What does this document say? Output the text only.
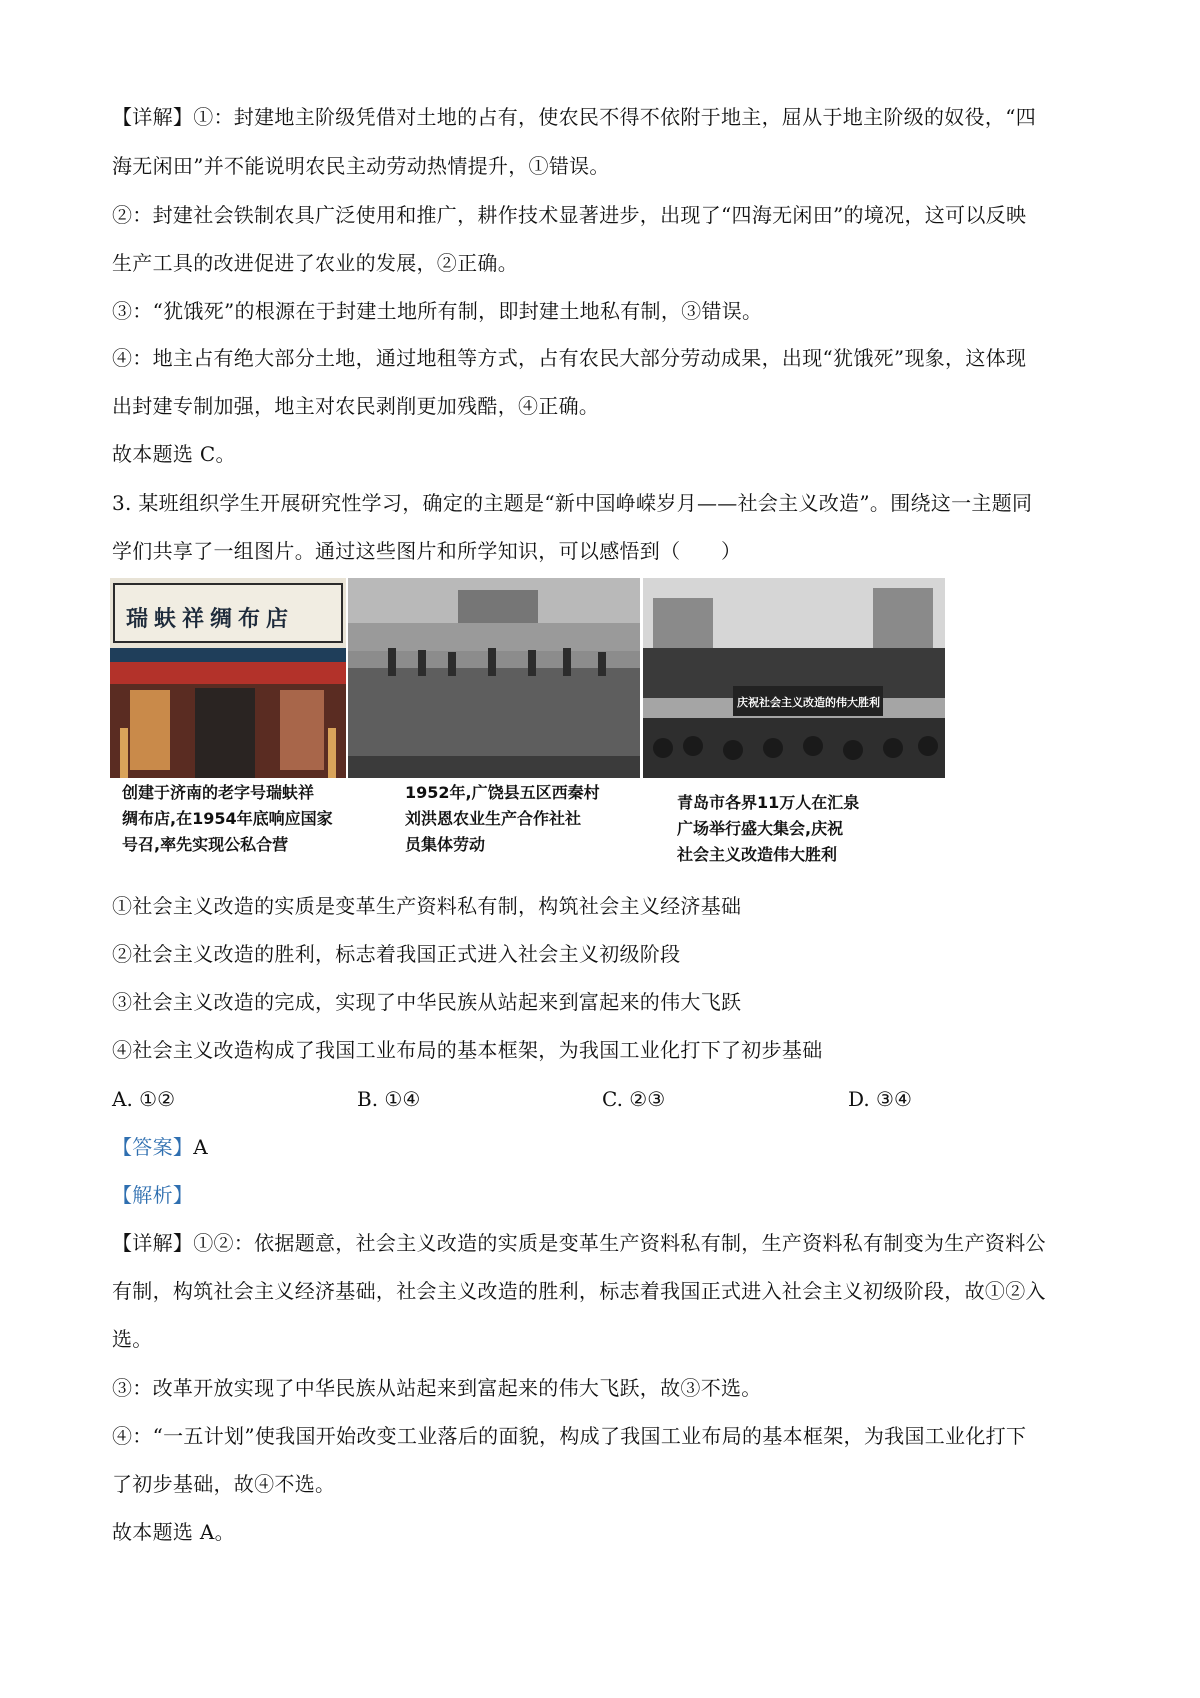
【详解】①：封建地主阶级凭借对土地的占有，使农民不得不依附于地主，屈从于地主阶级的奴役，“四
海无闲田”并不能说明农民主动劳动热情提升，①错误。
②：封建社会铁制农具广泛使用和推广，耕作技术显著进步，出现了“四海无闲田”的境况，这可以反映
生产工具的改进促进了农业的发展，②正确。
③：“犹饿死”的根源在于封建土地所有制，即封建土地私有制，③错误。
④：地主占有绝大部分土地，通过地租等方式，占有农民大部分劳动成果，出现“犹饿死”现象，这体现
出封建专制加强，地主对农民剥削更加残酷，④正确。
故本题选 C。
3. 某班组织学生开展研究性学习，确定的主题是“新中国峥嵘岁月——社会主义改造”。围绕这一主题同
学们共享了一组图片。通过这些图片和所学知识，可以感悟到（　　）
瑞蚨祥绸布店
庆祝社会主义改造的伟大胜利
创建于济南的老字号瑞蚨祥
绸布店,在1954年底响应国家
号召,率先实现公私合营
1952年,广饶县五区西秦村
刘洪恩农业生产合作社社
员集体劳动
青岛市各界11万人在汇泉
广场举行盛大集会,庆祝
社会主义改造伟大胜利
①社会主义改造的实质是变革生产资料私有制，构筑社会主义经济基础
②社会主义改造的胜利，标志着我国正式进入社会主义初级阶段
③社会主义改造的完成，实现了中华民族从站起来到富起来的伟大飞跃
④社会主义改造构成了我国工业布局的基本框架，为我国工业化打下了初步基础
A. ①②	B. ①④	C. ②③	D. ③④
【答案】A
【解析】
【详解】①②：依据题意，社会主义改造的实质是变革生产资料私有制，生产资料私有制变为生产资料公
有制，构筑社会主义经济基础，社会主义改造的胜利，标志着我国正式进入社会主义初级阶段，故①②入
选。
③：改革开放实现了中华民族从站起来到富起来的伟大飞跃，故③不选。
④：“一五计划”使我国开始改变工业落后的面貌，构成了我国工业布局的基本框架，为我国工业化打下
了初步基础，故④不选。
故本题选 A。
